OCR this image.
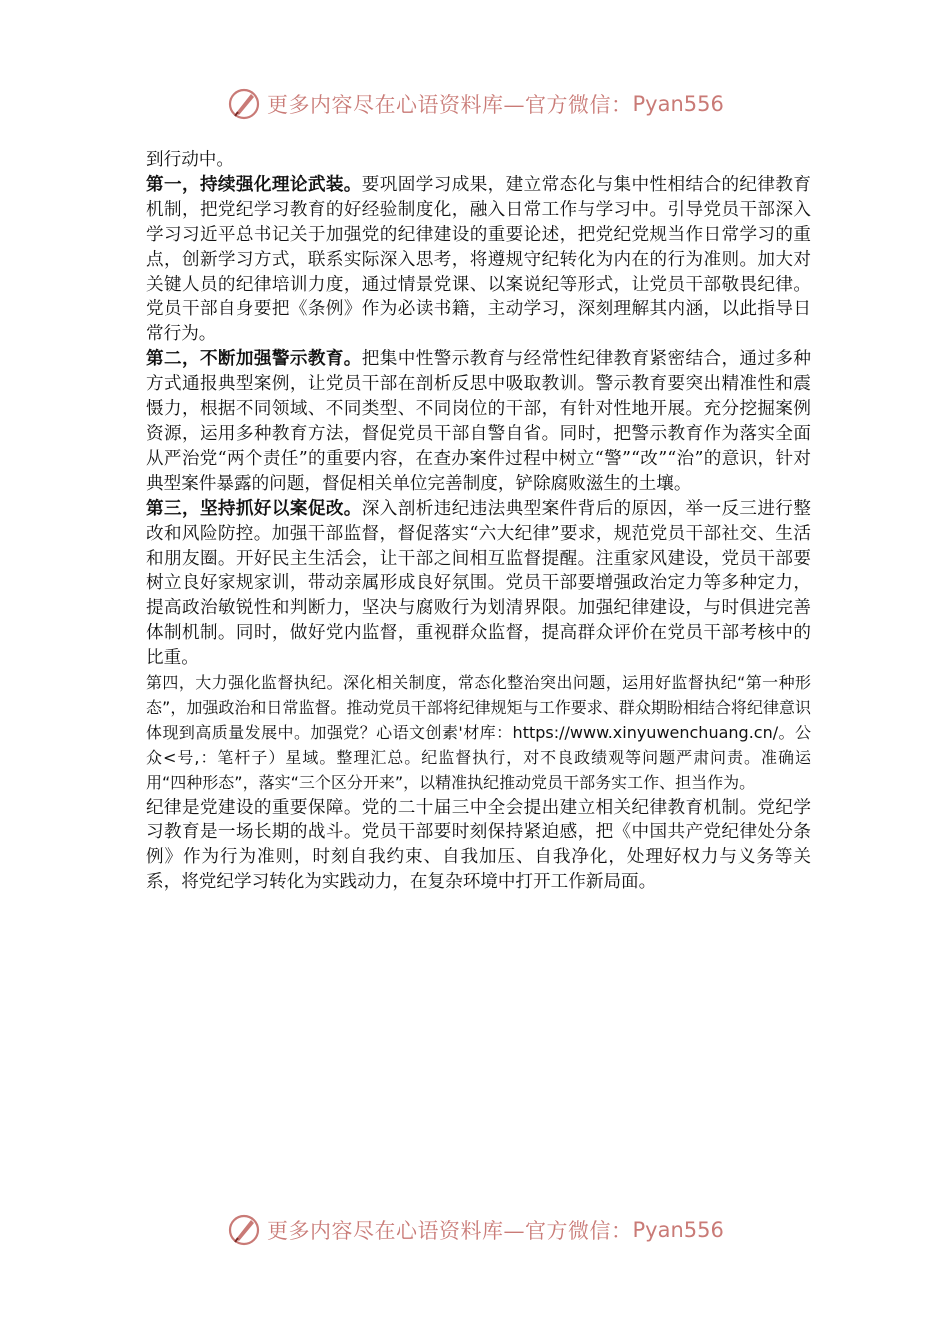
更多内容尽在心语资料库—官方微信： Pyan556

到行动中。

第一，持续强化理论武装。要巩固学习成果，建立常态化与集中性相结合的纪律教育机制，把党纪学习教育的好经验制度化，融入日常工作与学习中。引导党员干部深入学习习近平总书记关于加强党的纪律建设的重要论述，把党纪党规当作日常学习的重点，创新学习方式，联系实际深入思考，将遵规守纪转化为内在的行为准则。加大对关键人员的纪律培训力度，通过情景党课、以案说纪等形式，让党员干部敬畏纪律。党员干部自身要把《条例》作为必读书籍，主动学习，深刻理解其内涵，以此指导日常行为。

第二，不断加强警示教育。把集中性警示教育与经常性纪律教育紧密结合，通过多种方式通报典型案例，让党员干部在剖析反思中吸取教训。警示教育要突出精准性和震慑力，根据不同领域、不同类型、不同岗位的干部，有针对性地开展。充分挖掘案例资源，运用多种教育方法，督促党员干部自警自省。同时，把警示教育作为落实全面从严治党“两个责任”的重要内容，在查办案件过程中树立“警”“改”“治”的意识，针对典型案件暴露的问题，督促相关单位完善制度，铲除腐败滋生的土壤。

第三，坚持抓好以案促改。深入剖析违纪违法典型案件背后的原因，举一反三进行整改和风险防控。加强干部监督，督促落实“六大纪律”要求，规范党员干部社交、生活和朋友圈。开好民主生活会，让干部之间相互监督提醒。注重家风建设，党员干部要树立良好家规家训，带动亲属形成良好氛围。党员干部要增强政治定力等多种定力，提高政治敏锐性和判断力，坚决与腐败行为划清界限。加强纪律建设，与时俱进完善体制机制。同时，做好党内监督，重视群众监督，提高群众评价在党员干部考核中的比重。

第四，大力强化监督执纪。深化相关制度，常态化整治突出问题，运用好监督执纪“第一种形态”，加强政治和日常监督。推动党员干部将纪律规矩与工作要求、群众期盼相结合将纪律意识体现到高质量发展中。加强党？心语文创素'材库：https://www.xinyuwenchuang.cn/。公众<号,：笔杆子）星域。整理汇总。纪监督执行，对不良政绩观等问题严肃问责。准确运用“四种形态”，落实“三个区分开来”，以精准执纪推动党员干部务实工作、担当作为。

纪律是党建设的重要保障。党的二十届三中全会提出建立相关纪律教育机制。党纪学习教育是一场长期的战斗。党员干部要时刻保持紧迫感，把《中国共产党纪律处分条例》作为行为准则，时刻自我约束、自我加压、自我净化，处理好权力与义务等关系，将党纪学习转化为实践动力，在复杂环境中打开工作新局面。

更多内容尽在心语资料库—官方微信： Pyan556
